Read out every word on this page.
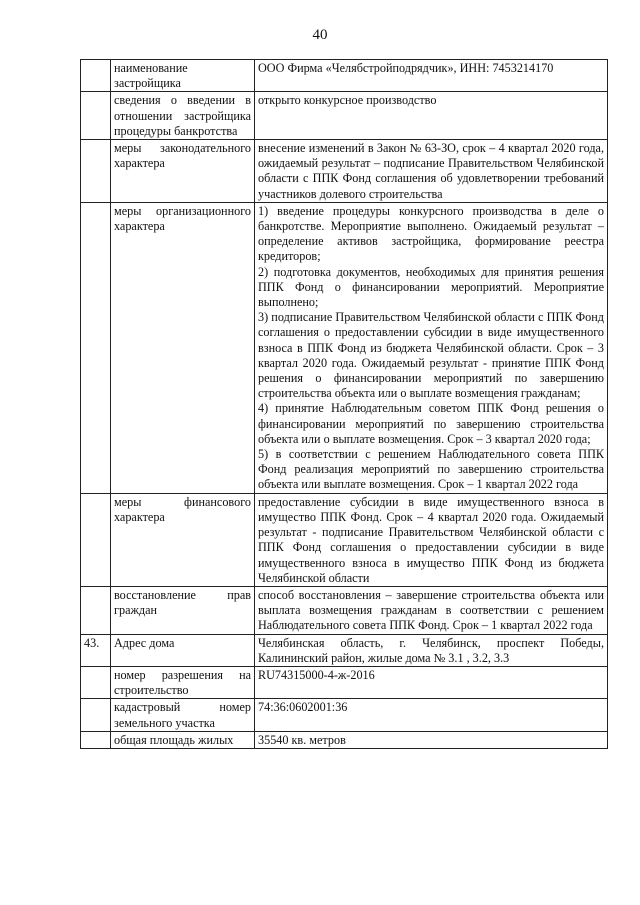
40
	наименование застройщика	ООО Фирма «Челябстройподрядчик», ИНН: 7453214170

	сведения о введении в отношении застройщика процедуры банкротства	открыто конкурсное производство

	меры законодательного характера	внесение изменений в Закон № 63-ЗО, срок – 4 квартал 2020 года, ожидаемый результат – подписание Правительством Челябинской области с ППК Фонд соглашения об удовлетворении требований участников долевого строительства

	меры организационного характера	1) введение процедуры конкурсного производства в деле о банкротстве. Мероприятие выполнено. Ожидаемый результат – определение активов застройщика, формирование реестра кредиторов;

2) подготовка документов, необходимых для принятия решения ППК Фонд о финансировании мероприятий. Мероприятие выполнено;

3) подписание Правительством Челябинской области с ППК Фонд соглашения о предоставлении субсидии в виде имущественного взноса в ППК Фонд из бюджета Челябинской области. Срок – 3 квартал 2020 года. Ожидаемый результат - принятие ППК Фонд решения о финансировании мероприятий по завершению строительства объекта или о выплате возмещения гражданам;

4) принятие Наблюдательным советом ППК Фонд решения о финансировании мероприятий по завершению строительства объекта или о выплате возмещения. Срок – 3 квартал 2020 года;

5) в соответствии с решением Наблюдательного совета ППК Фонд реализация мероприятий по завершению строительства объекта или выплате возмещения. Срок – 1 квартал 2022 года

	меры финансового характера	предоставление субсидии в виде имущественного взноса в имущество ППК Фонд. Срок – 4 квартал 2020 года. Ожидаемый результат - подписание Правительством Челябинской области с ППК Фонд соглашения о предоставлении субсидии в виде имущественного взноса в имущество ППК Фонд из бюджета Челябинской области

	восстановление прав граждан	способ восстановления – завершение строительства объекта или выплата возмещения гражданам в соответствии с решением Наблюдательного совета ППК Фонд. Срок – 1 квартал 2022 года

43.	Адрес дома	Челябинская область, г. Челябинск, проспект Победы, Калининский район, жилые дома № 3.1 , 3.2, 3.3

	номер разрешения на строительство	RU74315000-4-ж-2016

	кадастровый номер земельного участка	74:36:0602001:36

	общая площадь жилых	35540 кв. метров
